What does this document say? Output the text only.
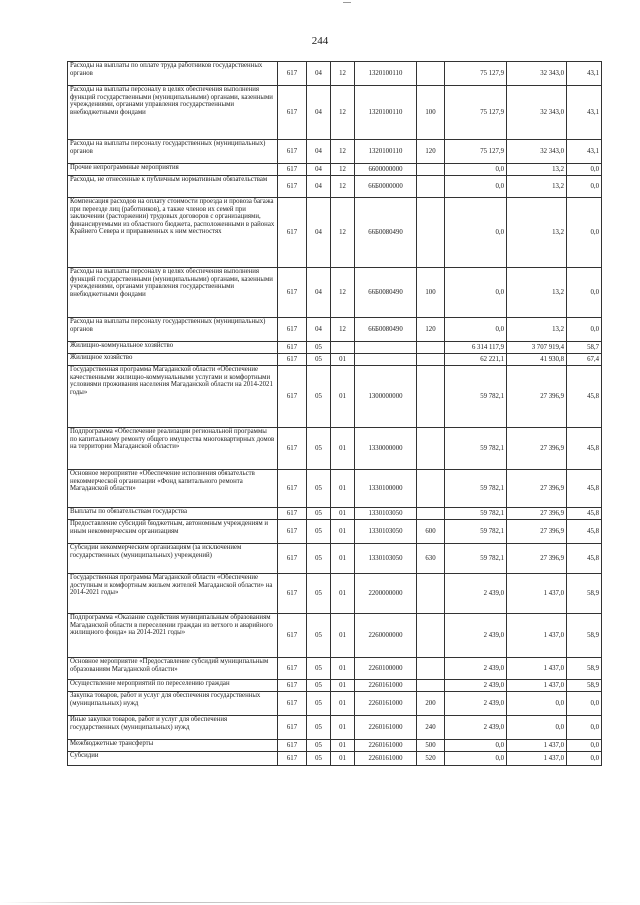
244
Расходы на выплаты по оплате труда работников государственных органов	617	04	12	1320100110		75 127,9	32 343,0	43,1
Расходы на выплаты персоналу в целях обеспечения выполнения функций государственными (муниципальными) органами, казенными учреждениями, органами управления государственными внебюджетными фондами	617	04	12	1320100110	100	75 127,9	32 343,0	43,1
Расходы на выплаты персоналу государственных (муниципальных) органов	617	04	12	1320100110	120	75 127,9	32 343,0	43,1
Прочие непрограммные мероприятия	617	04	12	6600000000		0,0	13,2	0,0
Расходы, не отнесенные к публичным нормативным обязательствам	617	04	12	66Б0000000		0,0	13,2	0,0
Компенсация расходов на оплату стоимости проезда и провоза багажа при переезде лиц (работников), а также членов их семей при заключении (расторжении) трудовых договоров с организациями, финансируемыми из областного бюджета, расположенными в районах Крайнего Севера и приравненных к ним местностях	617	04	12	66Б0080490		0,0	13,2	0,0
Расходы на выплаты персоналу в целях обеспечения выполнения функций государственными (муниципальными) органами, казенными учреждениями, органами управления государственными внебюджетными фондами	617	04	12	66Б0080490	100	0,0	13,2	0,0
Расходы на выплаты персоналу государственных (муниципальных) органов	617	04	12	66Б0080490	120	0,0	13,2	0,0
Жилищно-коммунальное хозяйство	617	05				6 314 117,9	3 707 919,4	58,7
Жилищное хозяйство	617	05	01			62 221,1	41 930,8	67,4
Государственная программа Магаданской области «Обеспечение качественными жилищно-коммунальными услугами и комфортными условиями проживания населения Магаданской области на 2014-2021 годы»	617	05	01	1300000000		59 782,1	27 396,9	45,8
Подпрограмма «Обеспечение реализации региональной программы по капитальному ремонту общего имущества многоквартирных домов на территории Магаданской области»	617	05	01	1330000000		59 782,1	27 396,9	45,8
Основное мероприятие «Обеспечение исполнения обязательств некоммерческой организации «Фонд капитального ремонта Магаданской области»	617	05	01	1330100000		59 782,1	27 396,9	45,8
Выплаты по обязательствам государства	617	05	01	1330103050		59 782,1	27 396,9	45,8
Предоставление субсидий бюджетным, автономным учреждениям и иным некоммерческим организациям	617	05	01	1330103050	600	59 782,1	27 396,9	45,8
Субсидии некоммерческим организациям (за исключением государственных (муниципальных) учреждений)	617	05	01	1330103050	630	59 782,1	27 396,9	45,8
Государственная программа Магаданской области «Обеспечение доступным и комфортным жильем жителей Магаданской области» на 2014-2021 годы»	617	05	01	2200000000		2 439,0	1 437,0	58,9
Подпрограмма «Оказание содействия муниципальным образованиям Магаданской области в переселении граждан из ветхого и аварийного жилищного фонда» на 2014-2021 годы»	617	05	01	2260000000		2 439,0	1 437,0	58,9
Основное мероприятие «Предоставление субсидий муниципальным образованиям Магаданской области»	617	05	01	2260100000		2 439,0	1 437,0	58,9
Осуществление мероприятий по переселению граждан	617	05	01	2260161000		2 439,0	1 437,0	58,9
Закупка товаров, работ и услуг для обеспечения государственных (муниципальных) нужд	617	05	01	2260161000	200	2 439,0	0,0	0,0
Иные закупки товаров, работ и услуг для обеспечения государственных (муниципальных) нужд	617	05	01	2260161000	240	2 439,0	0,0	0,0
Межбюджетные трансферты	617	05	01	2260161000	500	0,0	1 437,0	0,0
Субсидии	617	05	01	2260161000	520	0,0	1 437,0	0,0
